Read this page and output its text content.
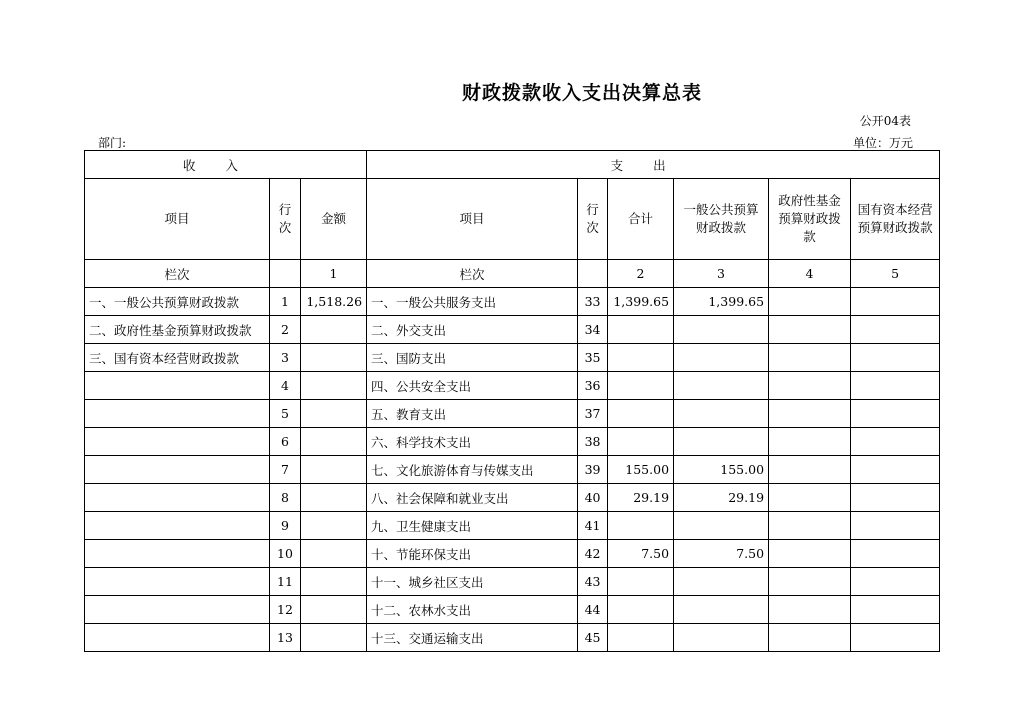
财政拨款收入支出决算总表
公开04表
部门:	单位：万元
收入			支出					
项目	行次	金额	项目	行次	合计	一般公共预算财政拨款	政府性基金预算财政拨款	国有资本经营预算财政拨款
栏次		1	栏次		2	3	4	5
一、一般公共预算财政拨款	1	1,518.26	一、一般公共服务支出	33	1,399.65	1,399.65		
二、政府性基金预算财政拨款	2		二、外交支出	34				
三、国有资本经营财政拨款	3		三、国防支出	35				
	4		四、公共安全支出	36				
	5		五、教育支出	37				
	6		六、科学技术支出	38				
	7		七、文化旅游体育与传媒支出	39	155.00	155.00		
	8		八、社会保障和就业支出	40	29.19	29.19		
	9		九、卫生健康支出	41				
	10		十、节能环保支出	42	7.50	7.50		
	11		十一、城乡社区支出	43				
	12		十二、农林水支出	44				
	13		十三、交通运输支出	45				
